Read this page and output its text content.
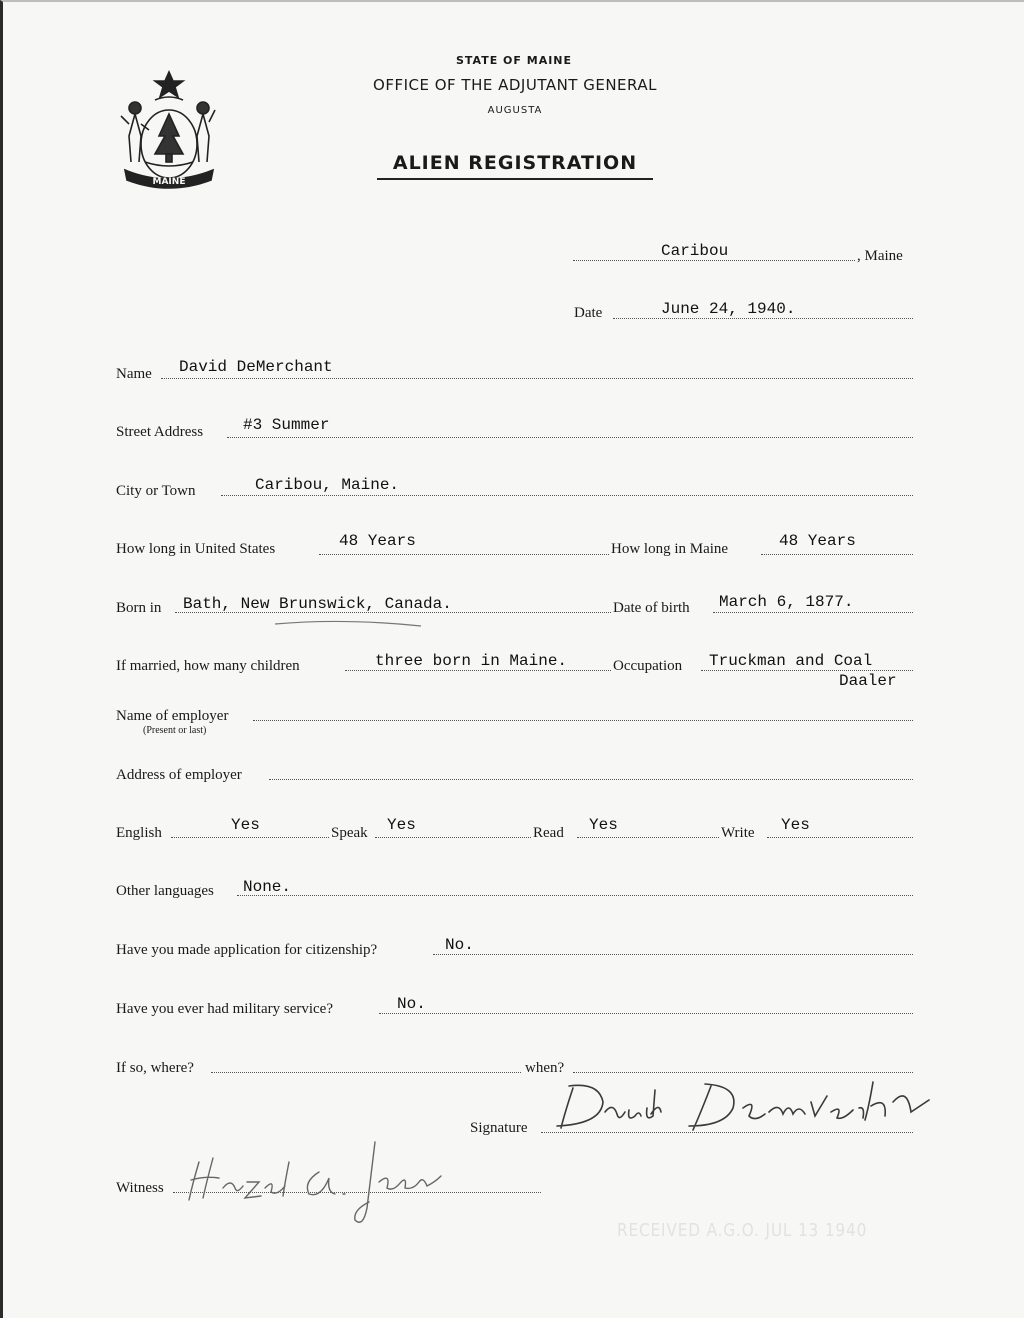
MAINE
STATE OF MAINE
OFFICE OF THE ADJUTANT GENERAL
AUGUSTA
ALIEN REGISTRATION
Caribou	, Maine
Date	June 24, 1940.
Name David DeMerchant
Street Address #3 Summer
City or Town	Caribou, Maine.
How long in United States	48 Years	How long in Maine	48 Years
Born in Bath, New Brunswick, Canada.	Date of birth March 6, 1877.
If married, how many children	three born in Maine.	Occupation Truckman and Coal
Daaler
Name of employer
(Present or last)
Address of employer
English	Yes	Speak Yes	Read Yes	Write Yes
Other languages None.
Have you made application for citizenship?	No.
Have you ever had military service?	No.
If so, where?	when?
Signature
Witness
RECEIVED A.G.O. JUL 13 1940
